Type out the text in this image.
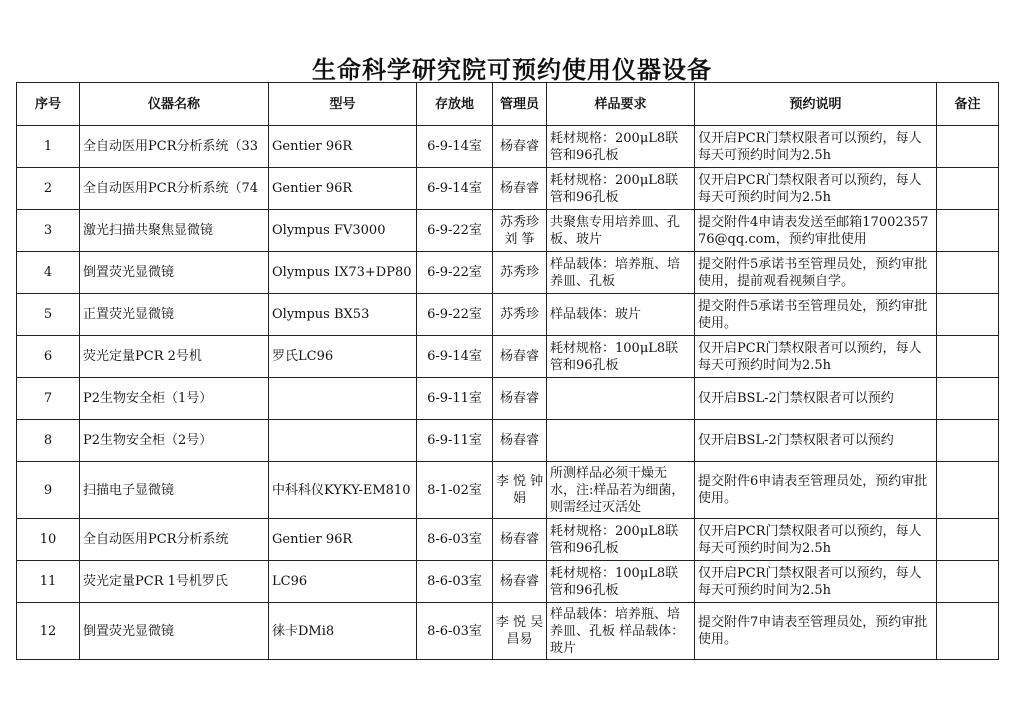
生命科学研究院可预约使用仪器设备
序号	仪器名称	型号	存放地	管理员	样品要求	预约说明	备注
1	全自动医用PCR分析系统（33	Gentier 96R	6-9-14室	杨春睿	耗材规格：200μL8联管和96孔板	仅开启PCR门禁权限者可以预约，每人每天可预约时间为2.5h	
2	全自动医用PCR分析系统（74	Gentier 96R	6-9-14室	杨春睿	耗材规格：200μL8联管和96孔板	仅开启PCR门禁权限者可以预约，每人每天可预约时间为2.5h	
3	激光扫描共聚焦显微镜	Olympus FV3000	6-9-22室	苏秀珍 刘 筝	共聚焦专用培养皿、孔板、玻片	提交附件4申请表发送至邮箱1700235776@qq.com，预约审批使用	
4	倒置荧光显微镜	Olympus IX73+DP80	6-9-22室	苏秀珍	样品载体：培养瓶、培养皿、孔板	提交附件5承诺书至管理员处，预约审批使用，提前观看视频自学。	
5	正置荧光显微镜	Olympus BX53	6-9-22室	苏秀珍	样品载体：玻片	提交附件5承诺书至管理员处，预约审批使用。	
6	荧光定量PCR 2号机	罗氏LC96	6-9-14室	杨春睿	耗材规格：100μL8联管和96孔板	仅开启PCR门禁权限者可以预约，每人每天可预约时间为2.5h	
7	P2生物安全柜（1号）		6-9-11室	杨春睿		仅开启BSL-2门禁权限者可以预约	
8	P2生物安全柜（2号）		6-9-11室	杨春睿		仅开启BSL-2门禁权限者可以预约	
9	扫描电子显微镜	中科科仪KYKY-EM810	8-1-02室	李 悦 钟 娟	所测样品必须干燥无水，注:样品若为细菌，则需经过灭活处	提交附件6申请表至管理员处，预约审批使用。	
10	全自动医用PCR分析系统	Gentier 96R	8-6-03室	杨春睿	耗材规格：200μL8联管和96孔板	仅开启PCR门禁权限者可以预约，每人每天可预约时间为2.5h	
11	荧光定量PCR 1号机罗氏	LC96	8-6-03室	杨春睿	耗材规格：100μL8联管和96孔板	仅开启PCR门禁权限者可以预约，每人每天可预约时间为2.5h	
12	倒置荧光显微镜	徕卡DMi8	8-6-03室	李 悦 吴昌易	样品载体：培养瓶、培养皿、孔板 样品载体：玻片	提交附件7申请表至管理员处，预约审批使用。	
